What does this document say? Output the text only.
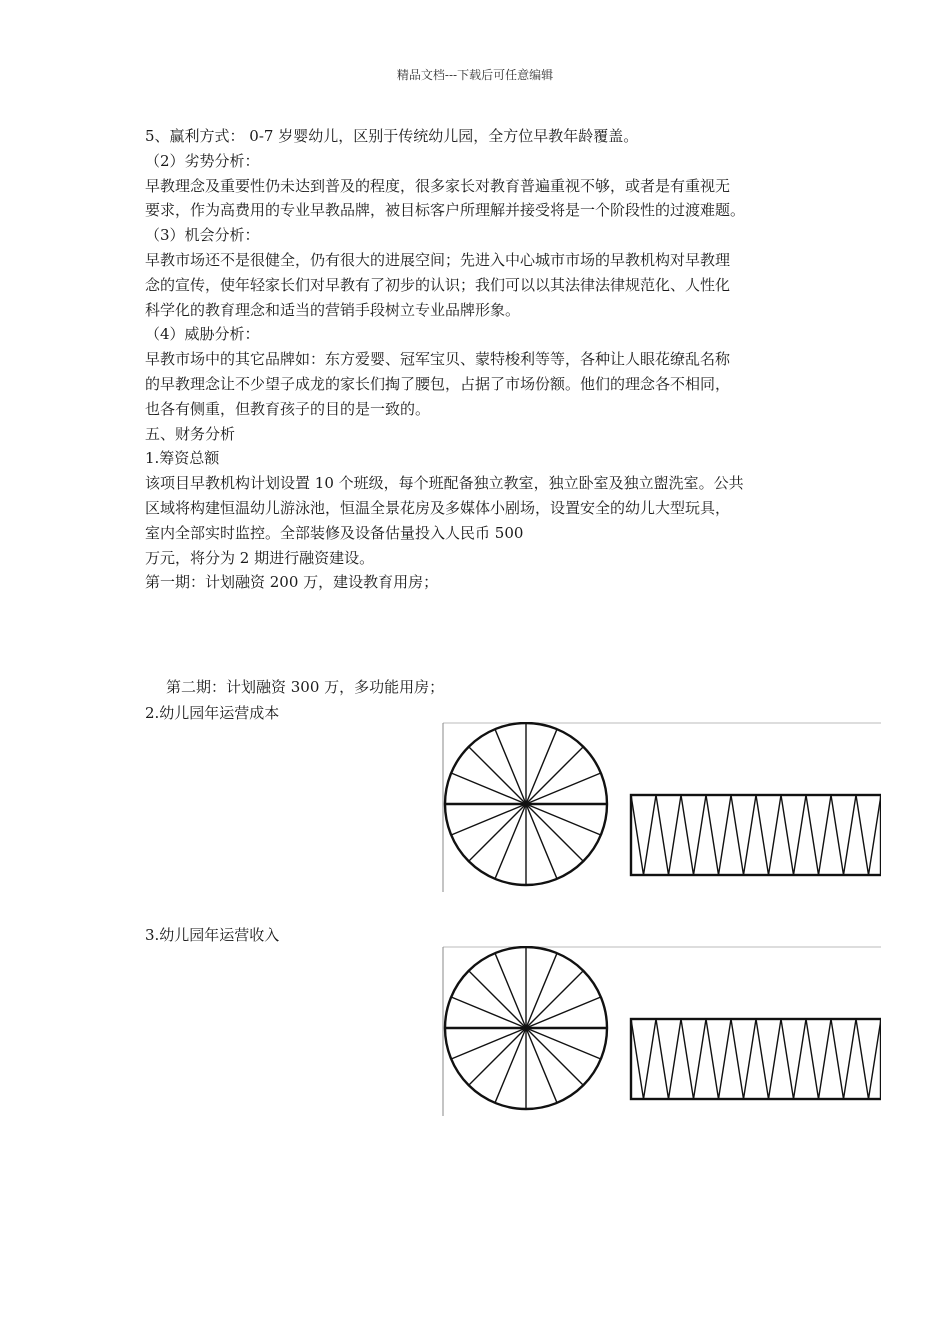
精品文档---下载后可任意编辑

5、赢利方式： 0-7 岁婴幼儿，区别于传统幼儿园，全方位早教年龄覆盖。

（2）劣势分析：

早教理念及重要性仍未达到普及的程度，很多家长对教育普遍重视不够，或者是有重视无

要求，作为高费用的专业早教品牌，被目标客户所理解并接受将是一个阶段性的过渡难题。

（3）机会分析：

早教市场还不是很健全，仍有很大的进展空间；先进入中心城市市场的早教机构对早教理

念的宣传，使年轻家长们对早教有了初步的认识；我们可以以其法律法律规范化、人性化

科学化的教育理念和适当的营销手段树立专业品牌形象。

（4）威胁分析：

早教市场中的其它品牌如：东方爱婴、冠军宝贝、蒙特梭利等等，各种让人眼花缭乱名称

的早教理念让不少望子成龙的家长们掏了腰包，占据了市场份额。他们的理念各不相同，

也各有侧重，但教育孩子的目的是一致的。

五、财务分析

1.筹资总额

该项目早教机构计划设置 10 个班级，每个班配备独立教室，独立卧室及独立盥洗室。公共

区域将构建恒温幼儿游泳池，恒温全景花房及多媒体小剧场，设置安全的幼儿大型玩具，

室内全部实时监控。全部装修及设备估量投入人民币 500

万元，将分为 2 期进行融资建设。

第一期：计划融资 200 万，建设教育用房；

第二期：计划融资 300 万，多功能用房；
2.幼儿园年运营成本
3.幼儿园年运营收入
